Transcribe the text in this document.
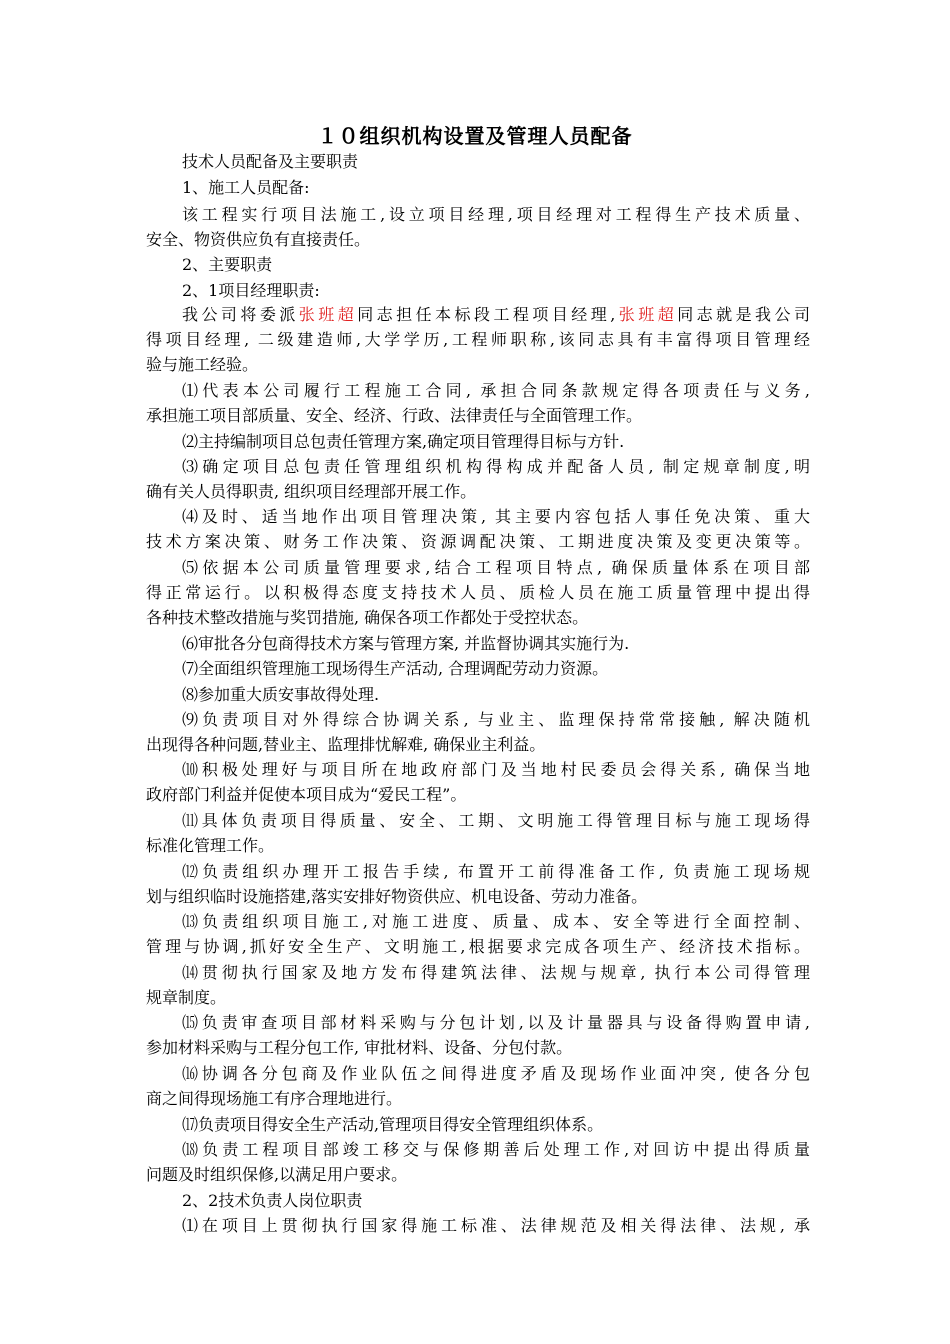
１０组织机构设置及管理人员配备
技术人员配备及主要职责
1、施工人员配备:
该工程实行项目法施工,设立项目经理,项目经理对工程得生产技术质量、
安全、物资供应负有直接责任。
2、主要职责
2、1项目经理职责:
我公司将委派张班超同志担任本标段工程项目经理,张班超同志就是我公司
得项目经理, 二级建造师,大学学历,工程师职称,该同志具有丰富得项目管理经
验与施工经验。
⑴代表本公司履行工程施工合同, 承担合同条款规定得各项责任与义务,
承担施工项目部质量、安全、经济、行政、法律责任与全面管理工作。
⑵主持编制项目总包责任管理方案,确定项目管理得目标与方针.
⑶确定项目总包责任管理组织机构得构成并配备人员, 制定规章制度,明
确有关人员得职责, 组织项目经理部开展工作。
⑷及时、适当地作出项目管理决策, 其主要内容包括人事任免决策、重大
技术方案决策、财务工作决策、资源调配决策、工期进度决策及变更决策等。
⑸依据本公司质量管理要求,结合工程项目特点, 确保质量体系在项目部
得正常运行。以积极得态度支持技术人员、质检人员在施工质量管理中提出得
各种技术整改措施与奖罚措施, 确保各项工作都处于受控状态。
⑹审批各分包商得技术方案与管理方案, 并监督协调其实施行为.
⑺全面组织管理施工现场得生产活动, 合理调配劳动力资源。
⑻参加重大质安事故得处理.
⑼负责项目对外得综合协调关系, 与业主、监理保持常常接触, 解决随机
出现得各种问题,替业主、监理排忧解难, 确保业主利益。
⑽积极处理好与项目所在地政府部门及当地村民委员会得关系, 确保当地
政府部门利益并促使本项目成为“爱民工程”。
⑾具体负责项目得质量、安全、工期、文明施工得管理目标与施工现场得
标准化管理工作。
⑿负责组织办理开工报告手续, 布置开工前得准备工作, 负责施工现场规
划与组织临时设施搭建,落实安排好物资供应、机电设备、劳动力准备。
⒀负责组织项目施工,对施工进度、质量、成本、安全等进行全面控制、
管理与协调,抓好安全生产、文明施工,根据要求完成各项生产、经济技术指标。
⒁贯彻执行国家及地方发布得建筑法律、法规与规章, 执行本公司得管理
规章制度。
⒂负责审查项目部材料采购与分包计划,以及计量器具与设备得购置申请,
参加材料采购与工程分包工作, 审批材料、设备、分包付款。
⒃协调各分包商及作业队伍之间得进度矛盾及现场作业面冲突, 使各分包
商之间得现场施工有序合理地进行。
⒄负责项目得安全生产活动,管理项目得安全管理组织体系。
⒅负责工程项目部竣工移交与保修期善后处理工作,对回访中提出得质量
问题及时组织保修,以满足用户要求。
2、2技术负责人岗位职责
⑴在项目上贯彻执行国家得施工标准、法律规范及相关得法律、法规, 承
